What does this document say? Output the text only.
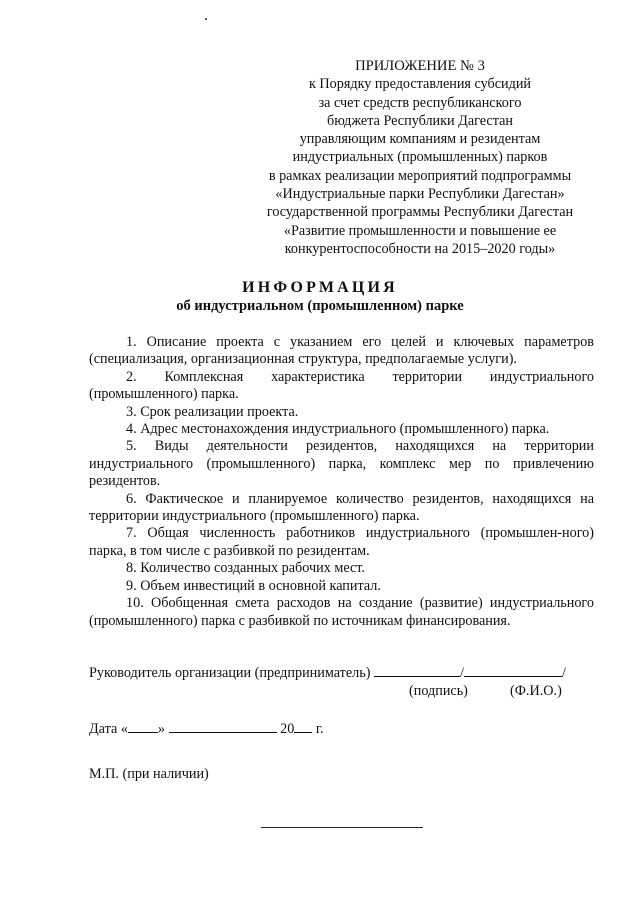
ПРИЛОЖЕНИЕ № 3
к Порядку предоставления субсидий
за счет средств республиканского
бюджета Республики Дагестан
управляющим компаниям и резидентам
индустриальных (промышленных) парков
в рамках реализации мероприятий подпрограммы
«Индустриальные парки Республики Дагестан»
государственной программы Республики Дагестан
«Развитие промышленности и повышение ее
конкурентоспособности на 2015–2020 годы»
ИНФОРМАЦИЯ
об индустриальном (промышленном) парке

1. Описание проекта с указанием его целей и ключевых параметров (специализация, организационная структура, предполагаемые услуги).

2. Комплексная характеристика территории индустриального (промышленного) парка.

3. Срок реализации проекта.

4. Адрес местонахождения индустриального (промышленного) парка.

5. Виды деятельности резидентов, находящихся на территории индустриального (промышленного) парка, комплекс мер по привлечению резидентов.

6. Фактическое и планируемое количество резидентов, находящихся на территории индустриального (промышленного) парка.

7. Общая численность работников индустриального (промышлен-ного) парка, в том числе с разбивкой по резидентам.

8. Количество созданных рабочих мест.

9. Объем инвестиций в основной капитал.

10. Обобщенная смета расходов на создание (развитие) индустриального (промышленного) парка с разбивкой по источникам финансирования.

Руководитель организации (предприниматель)	/	/
(подпись)	(Ф.И.О.)
Дата « »	20 г.
М.П. (при наличии)
